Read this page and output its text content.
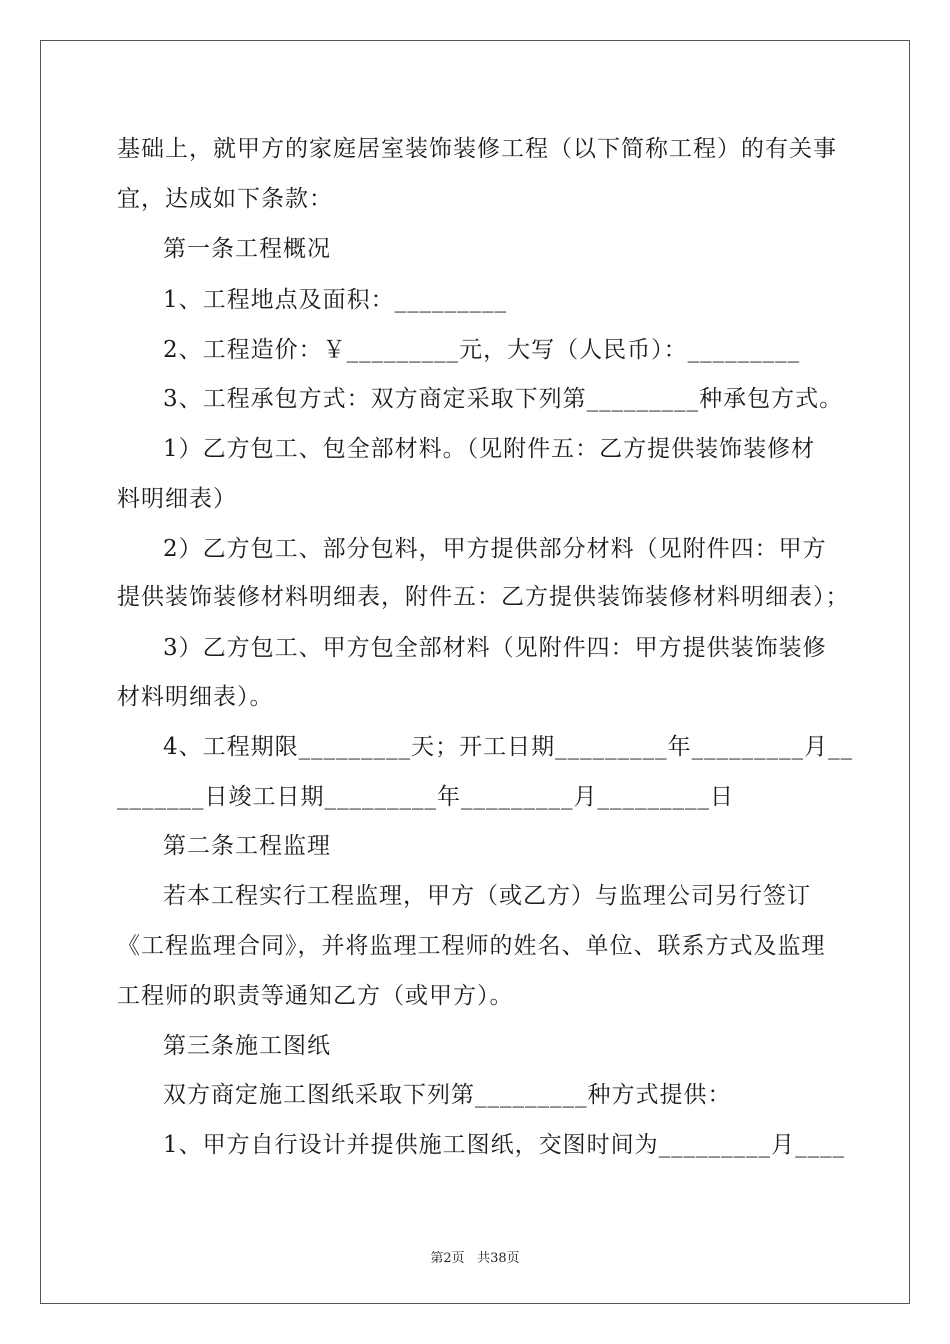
基础上，就甲方的家庭居室装饰装修工程（以下简称工程）的有关事
宜，达成如下条款：
第一条工程概况
1、工程地点及面积：_________
2、工程造价：￥_________元，大写（人民币）：_________
3、工程承包方式：双方商定采取下列第_________种承包方式。
1）乙方包工、包全部材料。（见附件五：乙方提供装饰装修材
料明细表）
2）乙方包工、部分包料，甲方提供部分材料（见附件四：甲方
提供装饰装修材料明细表，附件五：乙方提供装饰装修材料明细表）；
3）乙方包工、甲方包全部材料（见附件四：甲方提供装饰装修
材料明细表）。
4、工程期限_________天；开工日期_________年_________月__
_______日竣工日期_________年_________月_________日
第二条工程监理
若本工程实行工程监理，甲方（或乙方）与监理公司另行签订
《工程监理合同》，并将监理工程师的姓名、单位、联系方式及监理
工程师的职责等通知乙方（或甲方）。
第三条施工图纸
双方商定施工图纸采取下列第_________种方式提供：
1、甲方自行设计并提供施工图纸，交图时间为_________月____
第2页 共38页
